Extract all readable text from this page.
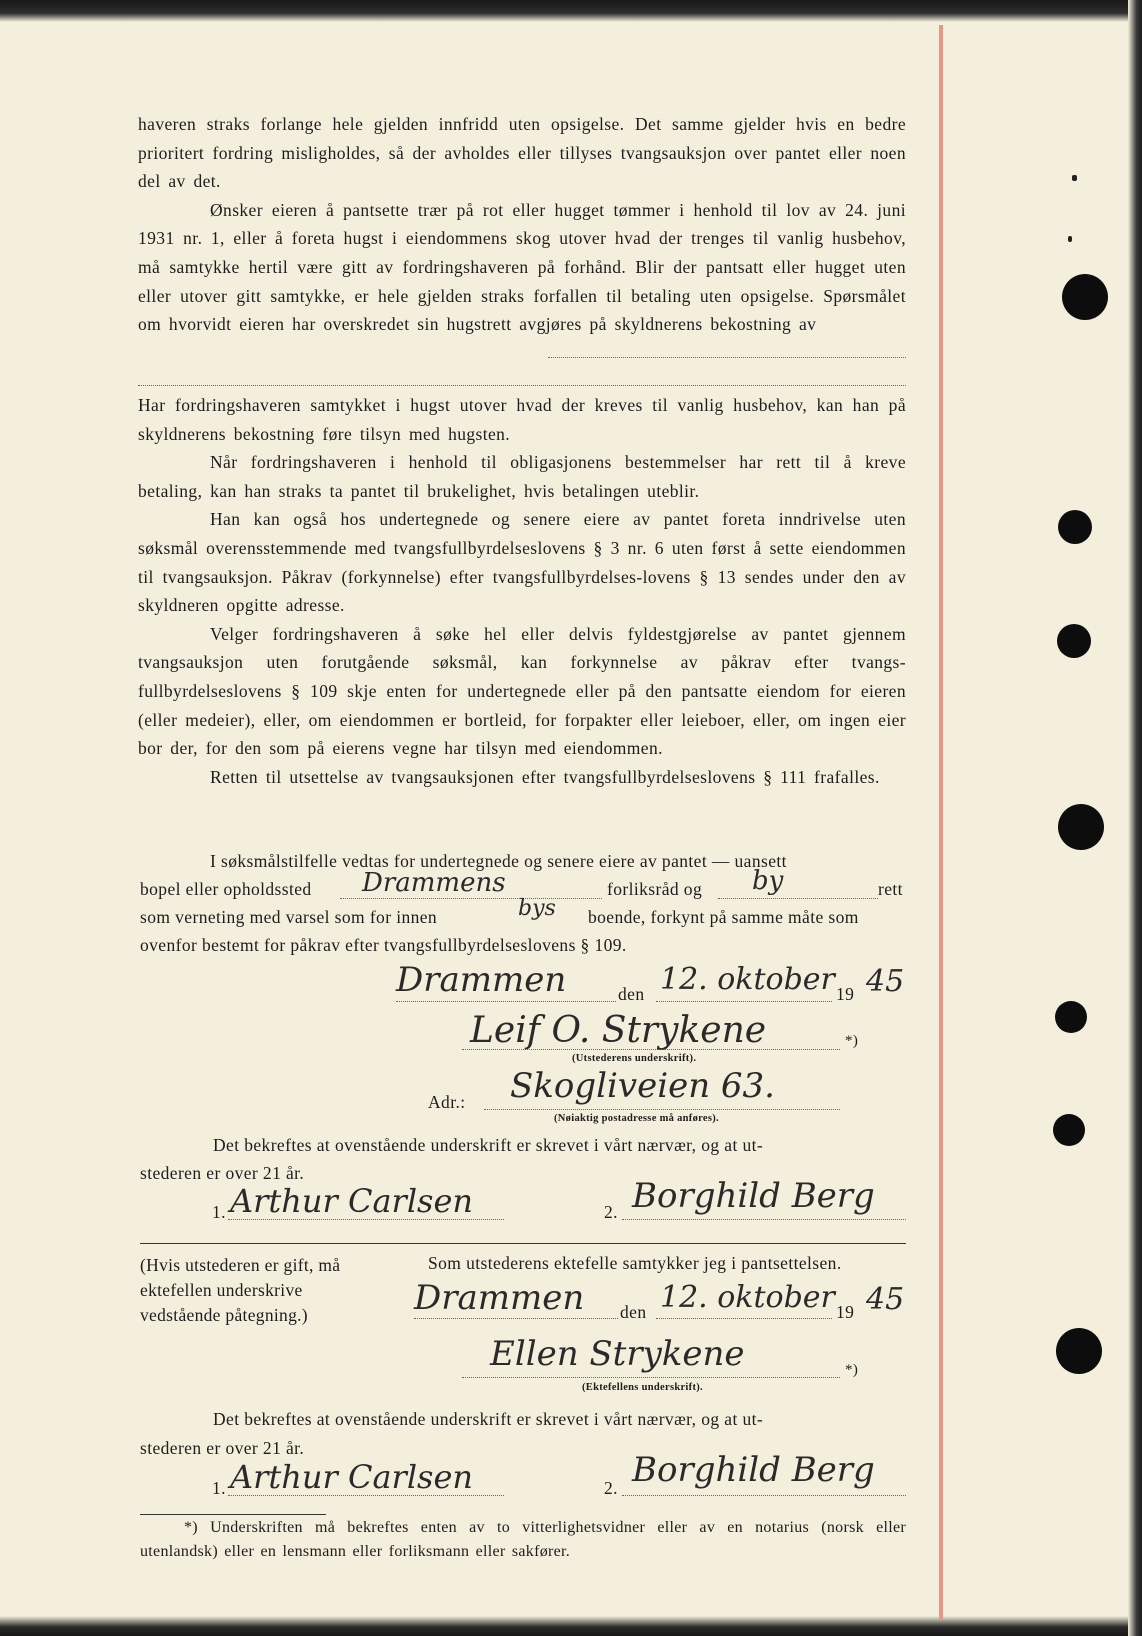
haveren straks forlange hele gjelden innfridd uten opsigelse. Det samme gjelder hvis en bedre prioritert fordring misligholdes, så der avholdes eller tillyses tvangsauksjon over pantet eller noen del av det.

Ønsker eieren å pantsette trær på rot eller hugget tømmer i henhold til lov av 24. juni 1931 nr. 1, eller å foreta hugst i eiendommens skog utover hvad der trenges til vanlig husbehov, må samtykke hertil være gitt av fordringshaveren på forhånd. Blir der pantsatt eller hugget uten eller utover gitt samtykke, er hele gjelden straks forfallen til betaling uten opsigelse. Spørsmålet om hvorvidt eieren har overskredet sin hugstrett avgjøres på skyldnerens bekostning av

Har fordringshaveren samtykket i hugst utover hvad der kreves til vanlig husbehov, kan han på skyldnerens bekostning føre tilsyn med hugsten.

Når fordringshaveren i henhold til obligasjonens bestemmelser har rett til å kreve betaling, kan han straks ta pantet til brukelighet, hvis betalingen uteblir.

Han kan også hos undertegnede og senere eiere av pantet foreta inndrivelse uten søksmål overensstemmende med tvangsfullbyrdelseslovens § 3 nr. 6 uten først å sette eiendommen til tvangsauksjon. Påkrav (forkynnelse) efter tvangsfullbyrdelses-lovens § 13 sendes under den av skyldneren opgitte adresse.

Velger fordringshaveren å søke hel eller delvis fyldestgjørelse av pantet gjennem tvangsauksjon uten forutgående søksmål, kan forkynnelse av påkrav efter tvangs-fullbyrdelseslovens § 109 skje enten for undertegnede eller på den pantsatte eiendom for eieren (eller medeier), eller, om eiendommen er bortleid, for forpakter eller leieboer, eller, om ingen eier bor der, for den som på eierens vegne har tilsyn med eiendommen.

Retten til utsettelse av tvangsauksjonen efter tvangsfullbyrdelseslovens § 111 frafalles.

I søksmålstilfelle vedtas for undertegnede og senere eiere av pantet — uansett
bopel eller opholdssted Drammens	forliksråd og by	rett
som verneting med varsel som for innen	bys boende, forkynt på samme måte som
ovenfor bestemt for påkrav efter tvangsfullbyrdelseslovens § 109.
Drammen	den 12. oktober 19 45
Leif O. Strykene	*)
(Utstederens underskrift).
Adr.: Skogliveien 63.
(Nøiaktig postadresse må anføres).
Det bekreftes at ovenstående underskrift er skrevet i vårt nærvær, og at ut-
stederen er over 21 år.
1. Arthur Carlsen	2. Borghild Berg
(Hvis utstederen er gift, må ektefellen underskrive vedstående påtegning.)
Som utstederens ektefelle samtykker jeg i pantsettelsen.
Drammen den 12. oktober 19 45
Ellen Strykene	*)
(Ektefellens underskrift).
Det bekreftes at ovenstående underskrift er skrevet i vårt nærvær, og at ut-
stederen er over 21 år.
1. Arthur Carlsen	2. Borghild Berg
*) Underskriften må bekreftes enten av to vitterlighetsvidner eller av en notarius (norsk eller utenlandsk) eller en lensmann eller forliksmann eller sakfører.
